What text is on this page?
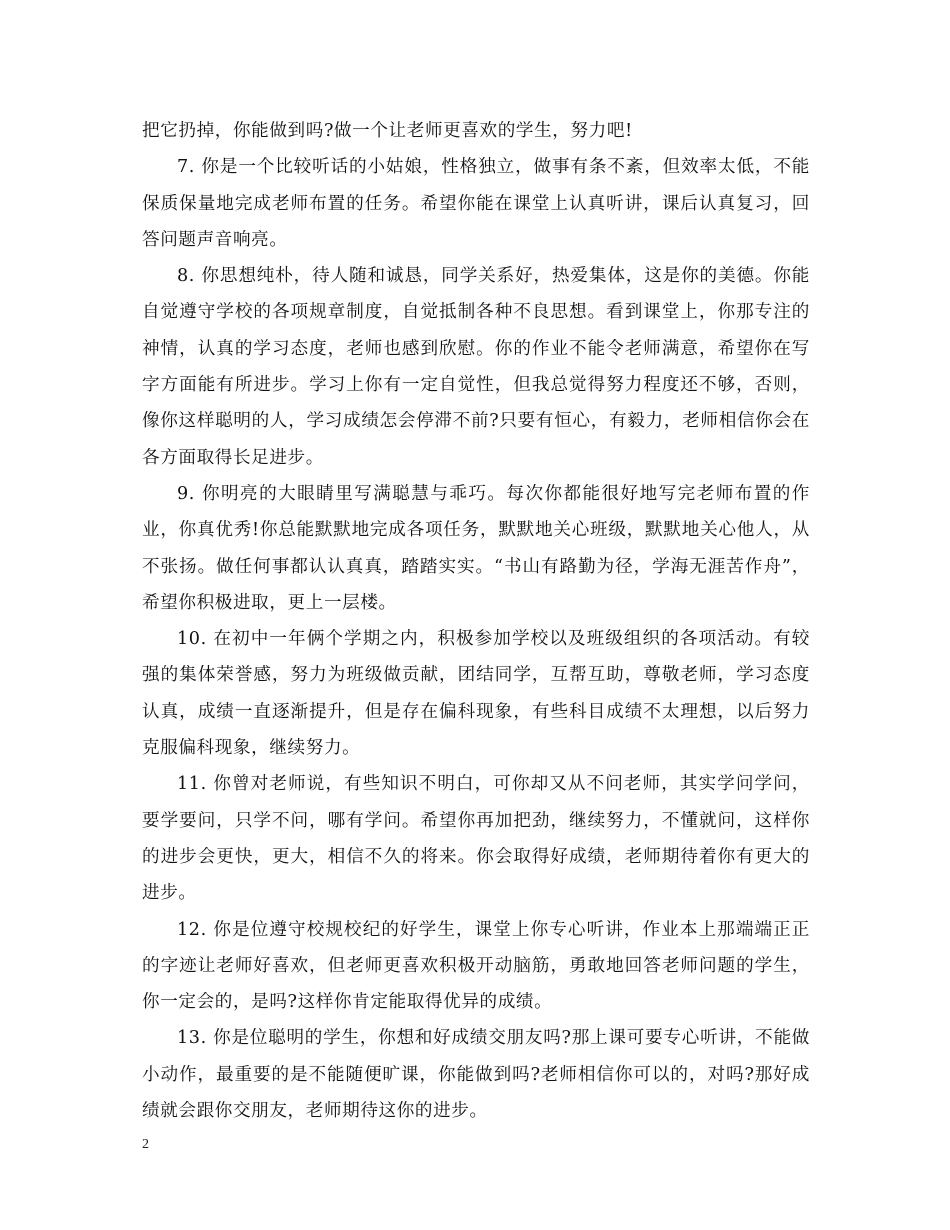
把它扔掉，你能做到吗?做一个让老师更喜欢的学生，努力吧!

7. 你是一个比较听话的小姑娘，性格独立，做事有条不紊，但效率太低，不能保质保量地完成老师布置的任务。希望你能在课堂上认真听讲，课后认真复习，回答问题声音响亮。

8. 你思想纯朴，待人随和诚恳，同学关系好，热爱集体，这是你的美德。你能自觉遵守学校的各项规章制度，自觉抵制各种不良思想。看到课堂上，你那专注的神情，认真的学习态度，老师也感到欣慰。你的作业不能令老师满意，希望你在写字方面能有所进步。学习上你有一定自觉性，但我总觉得努力程度还不够，否则，像你这样聪明的人，学习成绩怎会停滞不前?只要有恒心，有毅力，老师相信你会在各方面取得长足进步。

9. 你明亮的大眼睛里写满聪慧与乖巧。每次你都能很好地写完老师布置的作业，你真优秀!你总能默默地完成各项任务，默默地关心班级，默默地关心他人，从不张扬。做任何事都认认真真，踏踏实实。“书山有路勤为径，学海无涯苦作舟”，希望你积极进取，更上一层楼。

10. 在初中一年俩个学期之内，积极参加学校以及班级组织的各项活动。有较强的集体荣誉感，努力为班级做贡献，团结同学，互帮互助，尊敬老师，学习态度认真，成绩一直逐渐提升，但是存在偏科现象，有些科目成绩不太理想，以后努力克服偏科现象，继续努力。

11. 你曾对老师说，有些知识不明白，可你却又从不问老师，其实学问学问，要学要问，只学不问，哪有学问。希望你再加把劲，继续努力，不懂就问，这样你的进步会更快，更大，相信不久的将来。你会取得好成绩，老师期待着你有更大的进步。

12. 你是位遵守校规校纪的好学生，课堂上你专心听讲，作业本上那端端正正的字迹让老师好喜欢，但老师更喜欢积极开动脑筋，勇敢地回答老师问题的学生，你一定会的，是吗?这样你肯定能取得优异的成绩。

13. 你是位聪明的学生，你想和好成绩交朋友吗?那上课可要专心听讲，不能做小动作，最重要的是不能随便旷课，你能做到吗?老师相信你可以的，对吗?那好成绩就会跟你交朋友，老师期待这你的进步。

2
